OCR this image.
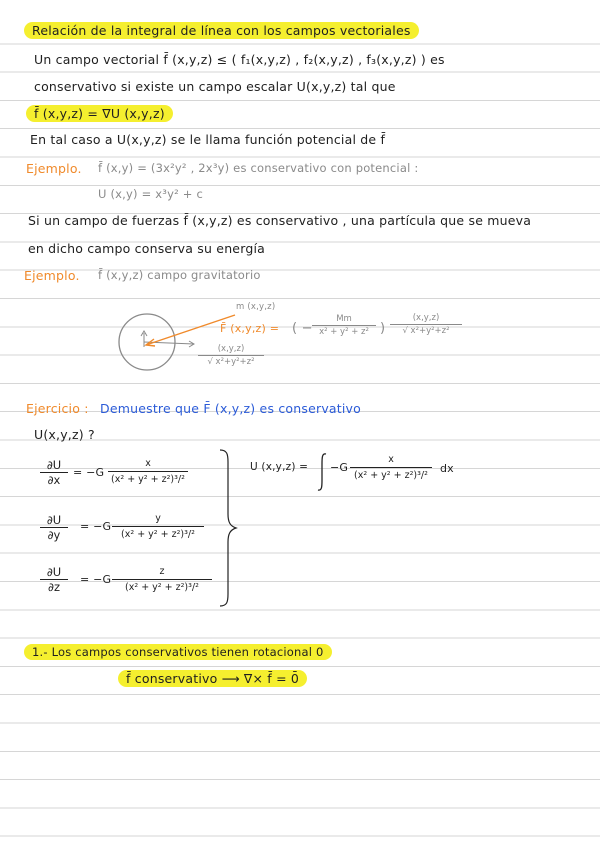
Relación de la integral de línea con los campos vectoriales
Un campo vectorial f̄ (x,y,z) ≤ ( f₁(x,y,z) , f₂(x,y,z) , f₃(x,y,z) ) es
conservativo si existe un campo escalar U(x,y,z) tal que
f̄ (x,y,z) = ∇U (x,y,z)
En tal caso a U(x,y,z) se le llama función potencial de f̄
Ejemplo. f̄ (x,y) = (3x²y² , 2x³y) es conservativo con potencial :
U (x,y) = x³y² + c
Si un campo de fuerzas f̄ (x,y,z) es conservativo , una partícula que se mueva
en dicho campo conserva su energía
Ejemplo. f̄ (x,y,z) campo gravitatorio
m (x,y,z)
F̄ (x,y,z) = ( −
Mm
x² + y² + z² )
(x,y,z)
√ x²+y²+z²
(x,y,z)
√ x²+y²+z²
Ejercicio : Demuestre que F̄ (x,y,z) es conservativo
U(x,y,z) ?
∂U
∂x
= −G
x
(x² + y² + z²)³/²
∂U
∂y
= −G
y
(x² + y² + z²)³/²
∂U
∂z
= −G
z
(x² + y² + z²)³/²
U (x,y,z) = −G
x
(x² + y² + z²)³/²
dx
1.- Los campos conservativos tienen rotacional 0
f̄ conservativo ⟶ ∇× f̄ = 0̄
